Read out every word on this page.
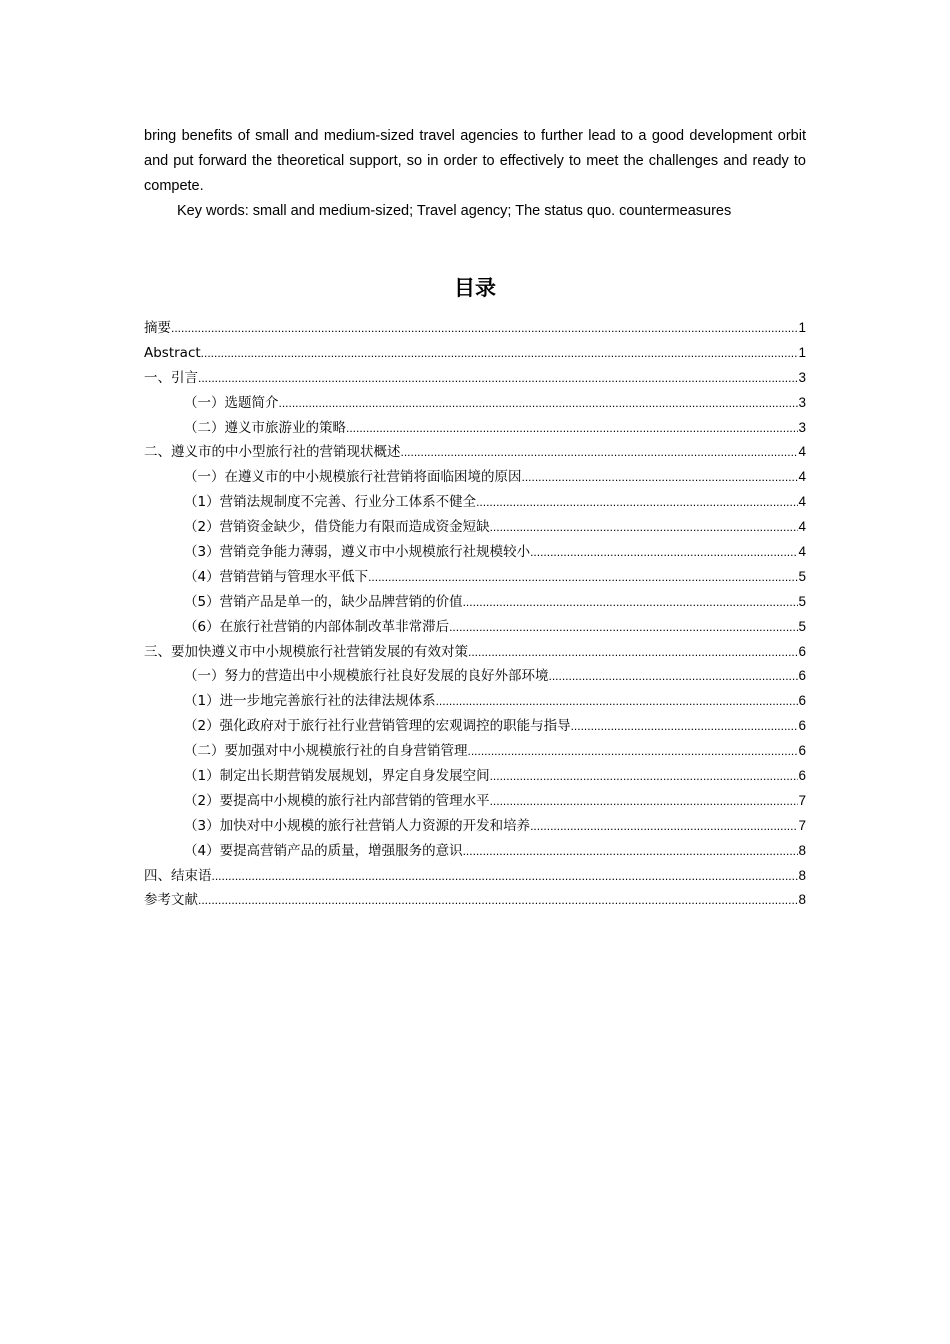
bring benefits of small and medium-sized travel agencies to further lead to a good development orbit and put forward the theoretical support, so in order to effectively to meet the challenges and ready to compete.

Key words: small and medium-sized; Travel agency; The status quo. countermeasures

目录
摘要 .....	1
Abstract .....	1
一、引言 .....	3
（一）选题简介 .....	3
（二）遵义市旅游业的策略 .....	3
二、遵义市的中小型旅行社的营销现状概述 .....	4
（一）在遵义市的中小规模旅行社营销将面临困境的原因 .....	4
（1）营销法规制度不完善、行业分工体系不健全 .....	4
（2）营销资金缺少，借贷能力有限而造成资金短缺 .....	4
（3）营销竞争能力薄弱，遵义市中小规模旅行社规模较小 .....	4
（4）营销营销与管理水平低下 .....	5
（5）营销产品是单一的，缺少品牌营销的价值 .....	5
（6）在旅行社营销的内部体制改革非常滞后 .....	5
三、要加快遵义市中小规模旅行社营销发展的有效对策 .....	6
（一）努力的营造出中小规模旅行社良好发展的良好外部环境 .....	6
（1）进一步地完善旅行社的法律法规体系 .....	6
（2）强化政府对于旅行社行业营销管理的宏观调控的职能与指导 .....	6
（二）要加强对中小规模旅行社的自身营销管理 .....	6
（1）制定出长期营销发展规划，界定自身发展空间 .....	6
（2）要提高中小规模的旅行社内部营销的管理水平 .....	7
（3）加快对中小规模的旅行社营销人力资源的开发和培养 .....	7
（4）要提高营销产品的质量，增强服务的意识 .....	8
四、结束语 .....	8
参考文献 .....	8
